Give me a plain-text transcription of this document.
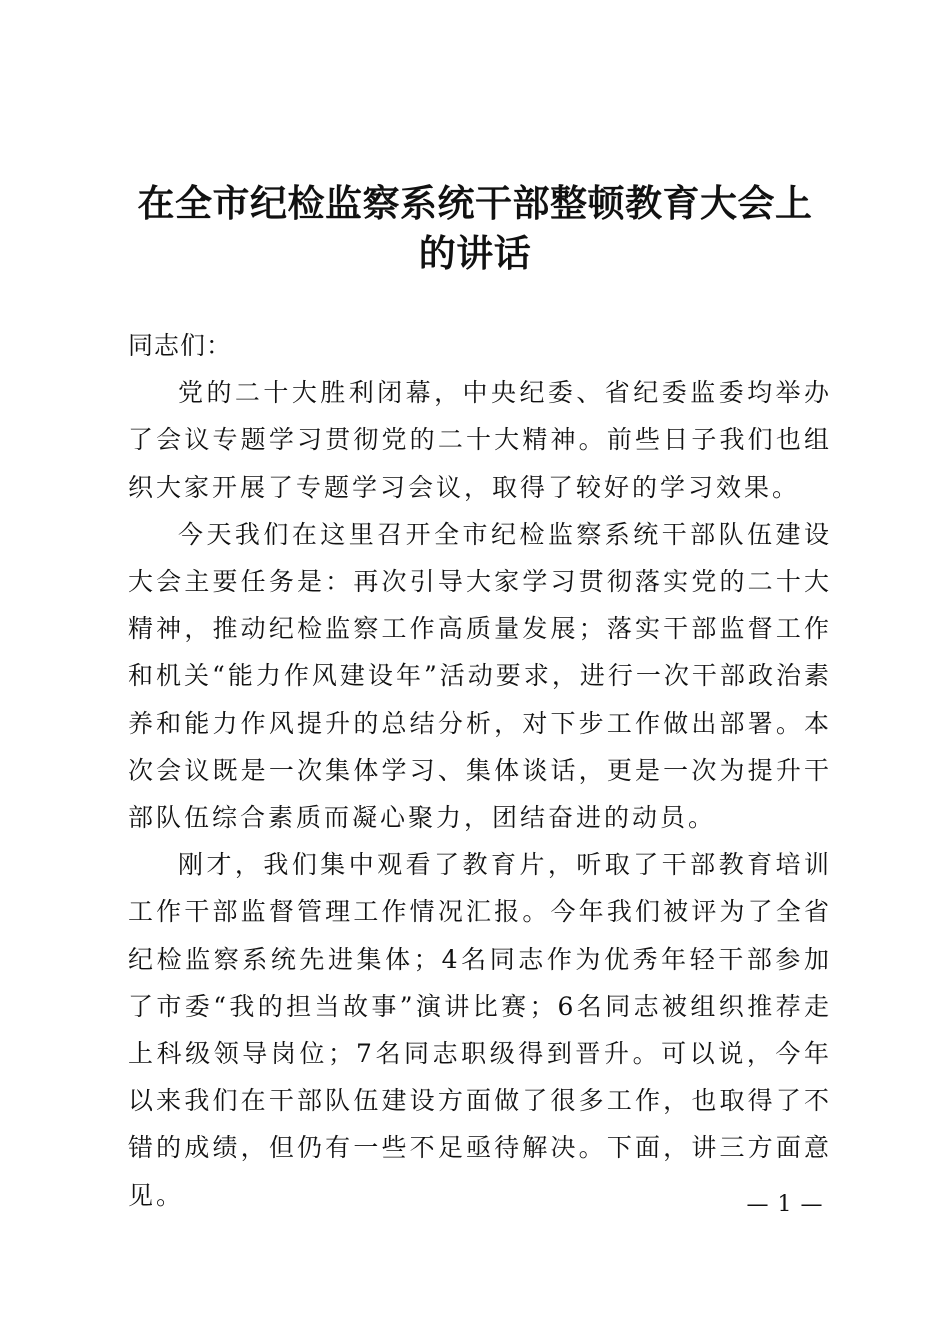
在全市纪检监察系统干部整顿教育大会上的讲话

同志们：

党的二十大胜利闭幕，中央纪委、省纪委监委均举办了会议专题学习贯彻党的二十大精神。前些日子我们也组织大家开展了专题学习会议，取得了较好的学习效果。

今天我们在这里召开全市纪检监察系统干部队伍建设大会主要任务是：再次引导大家学习贯彻落实党的二十大精神，推动纪检监察工作高质量发展；落实干部监督工作和机关“能力作风建设年”活动要求，进行一次干部政治素养和能力作风提升的总结分析，对下步工作做出部署。本次会议既是一次集体学习、集体谈话，更是一次为提升干部队伍综合素质而凝心聚力，团结奋进的动员。

刚才，我们集中观看了教育片，听取了干部教育培训工作干部监督管理工作情况汇报。今年我们被评为了全省纪检监察系统先进集体；4名同志作为优秀年轻干部参加了市委“我的担当故事”演讲比赛；6名同志被组织推荐走上科级领导岗位；7名同志职级得到晋升。可以说，今年以来我们在干部队伍建设方面做了很多工作，也取得了不错的成绩，但仍有一些不足亟待解决。下面，讲三方面意见。	— 1 —
